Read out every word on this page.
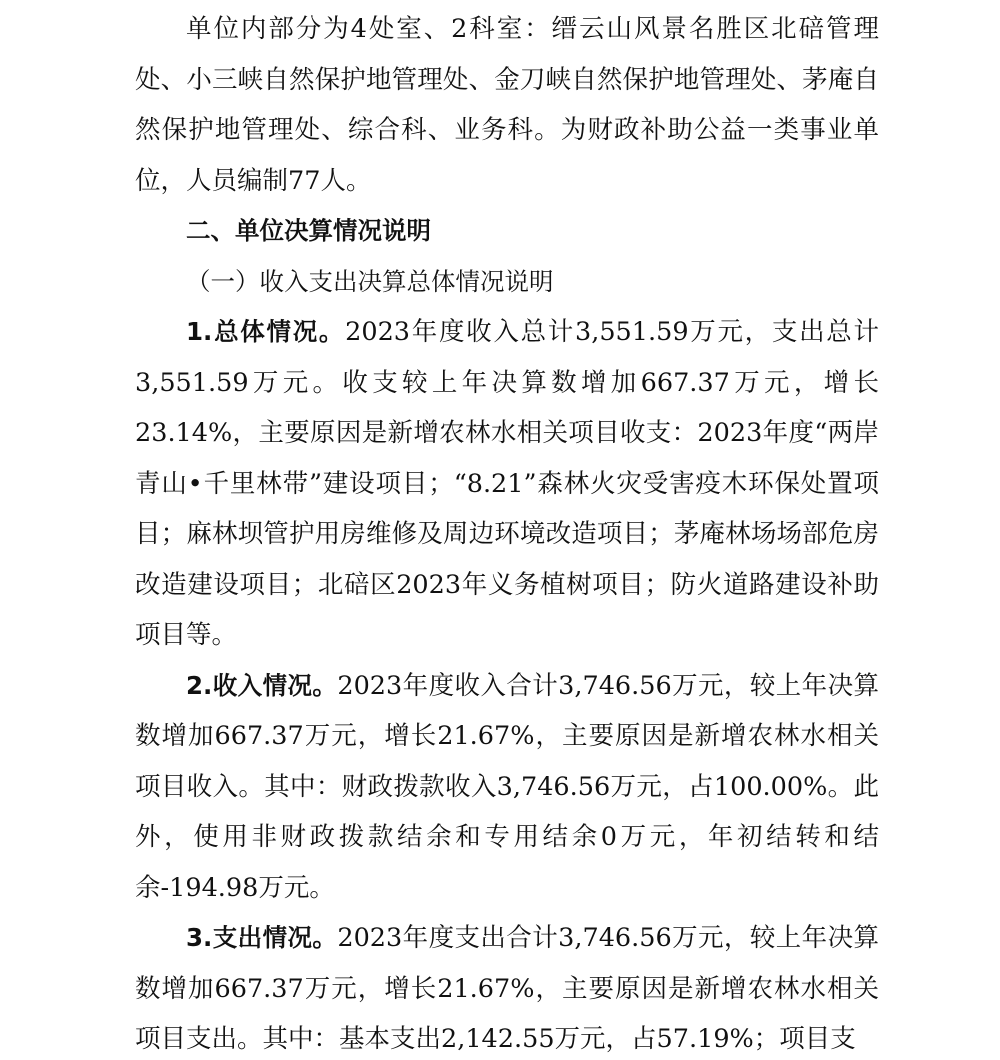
单位内部分为4处室、2科室：缙云山风景名胜区北碚管理处、小三峡自然保护地管理处、金刀峡自然保护地管理处、茅庵自然保护地管理处、综合科、业务科。为财政补助公益一类事业单位，人员编制77人。

二、单位决算情况说明

（一）收入支出决算总体情况说明

1.总体情况。2023年度收入总计3,551.59万元，支出总计3,551.59万元。收支较上年决算数增加667.37万元，增长23.14%，主要原因是新增农林水相关项目收支：2023年度“两岸青山•千里林带”建设项目；“8.21”森林火灾受害疫木环保处置项目；麻林坝管护用房维修及周边环境改造项目；茅庵林场场部危房改造建设项目；北碚区2023年义务植树项目；防火道路建设补助项目等。

2.收入情况。2023年度收入合计3,746.56万元，较上年决算数增加667.37万元，增长21.67%，主要原因是新增农林水相关项目收入。其中：财政拨款收入3,746.56万元，占100.00%。此外，使用非财政拨款结余和专用结余0万元，年初结转和结余-194.98万元。

3.支出情况。2023年度支出合计3,746.56万元，较上年决算数增加667.37万元，增长21.67%，主要原因是新增农林水相关项目支出。其中：基本支出2,142.55万元，占57.19%；项目支
